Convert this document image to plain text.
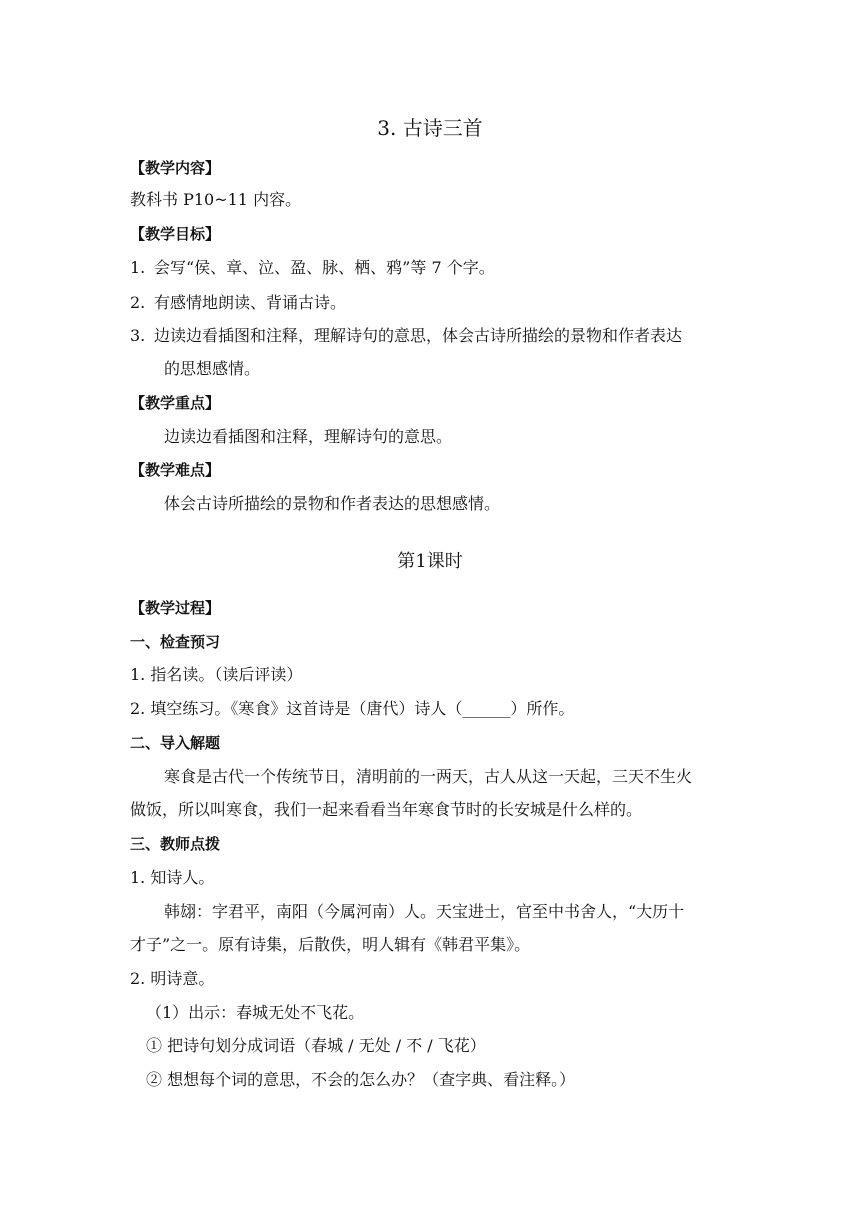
3. 古诗三首
【教学内容】
教科书 P10~11 内容。
【教学目标】
1. 会写“侯、章、泣、盈、脉、栖、鸦”等 7 个字。
2. 有感情地朗读、背诵古诗。
3. 边读边看插图和注释，理解诗句的意思，体会古诗所描绘的景物和作者表达
的思想感情。
【教学重点】
边读边看插图和注释，理解诗句的意思。
【教学难点】
体会古诗所描绘的景物和作者表达的思想感情。
第1课时
【教学过程】
一、检查预习
1. 指名读。（读后评读）
2. 填空练习。《寒食》这首诗是（唐代）诗人（______）所作。
二、导入解题
寒食是古代一个传统节日，清明前的一两天，古人从这一天起，三天不生火
做饭，所以叫寒食，我们一起来看看当年寒食节时的长安城是什么样的。
三、教师点拨
1. 知诗人。
韩翃：字君平，南阳（今属河南）人。天宝进士，官至中书舍人，“大历十
才子”之一。原有诗集，后散佚，明人辑有《韩君平集》。
2. 明诗意。
（1）出示：春城无处不飞花。
① 把诗句划分成词语（春城 / 无处 / 不 / 飞花）
② 想想每个词的意思，不会的怎么办？（查字典、看注释。）
